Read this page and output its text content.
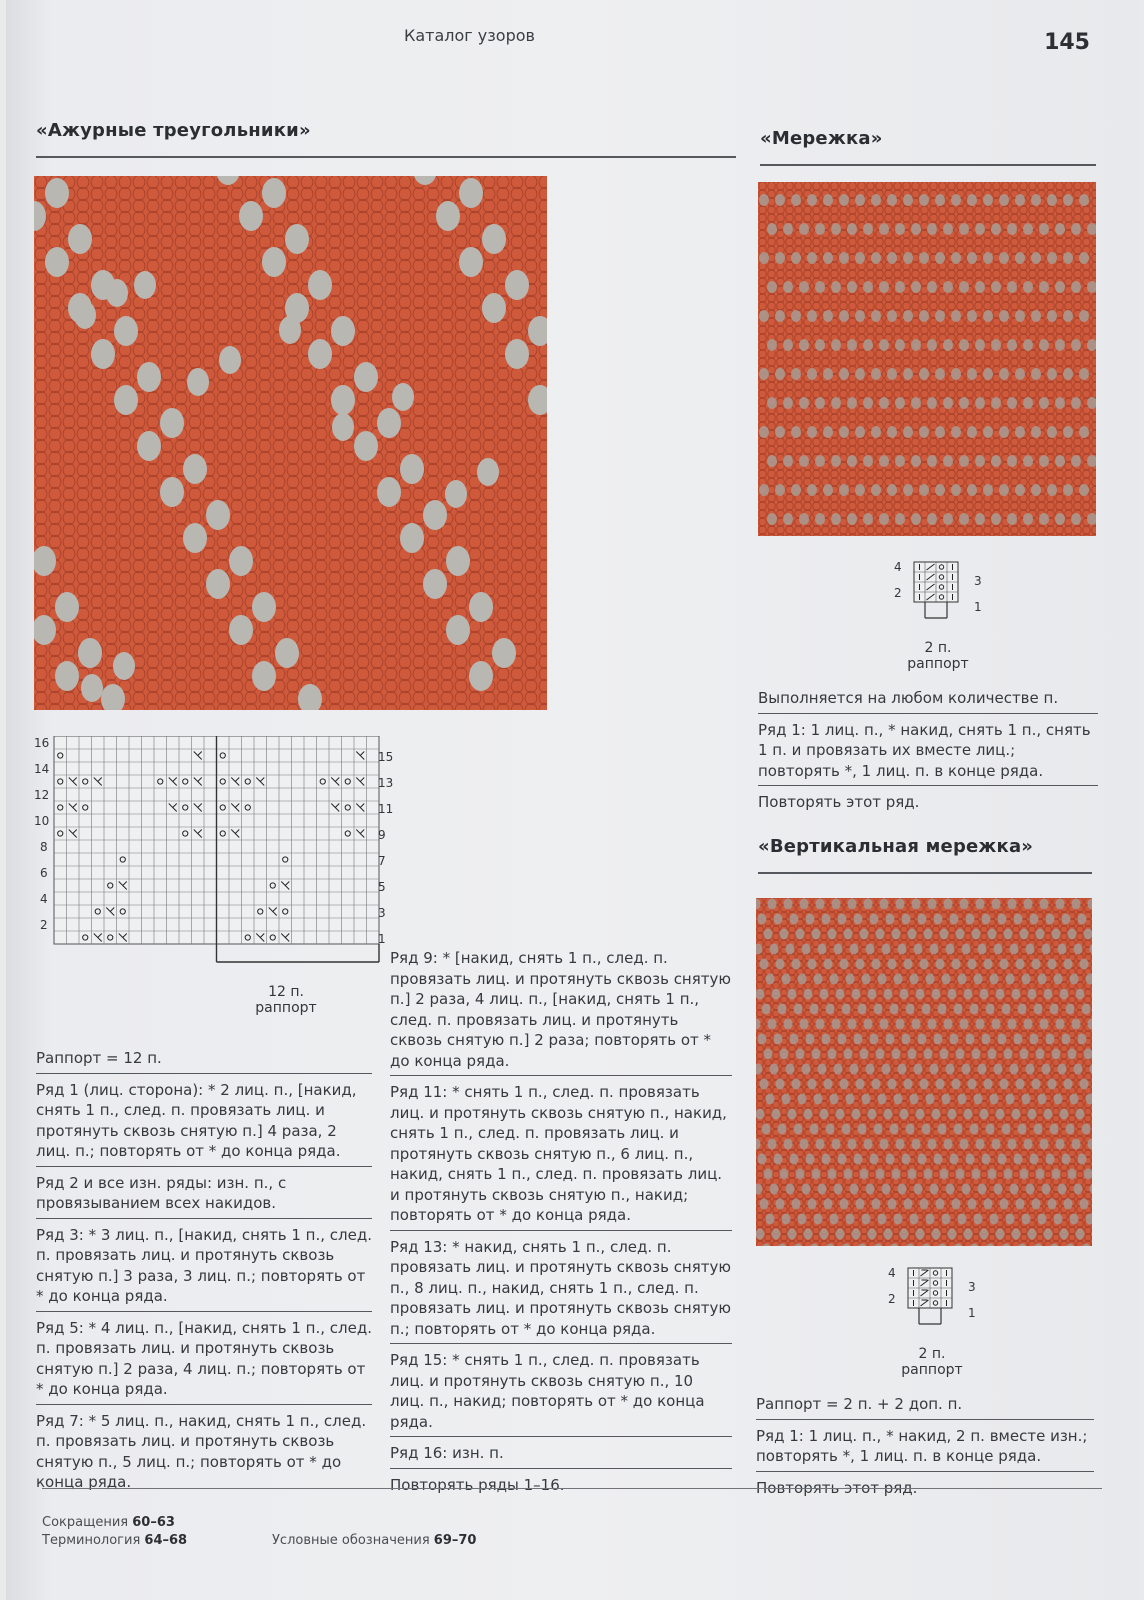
Каталог узоров	145
«Ажурные треугольники»
12 п.
раппорт
Раппорт = 12 п.
Ряд 1 (лиц. сторона): * 2 лиц. п., [накид, снять 1 п., след. п. провязать лиц. и протянуть сквозь снятую п.] 4 раза, 2 лиц. п.; повторять от * до конца ряда.
Ряд 2 и все изн. ряды: изн. п., с провязыванием всех накидов.
Ряд 3: * 3 лиц. п., [накид, снять 1 п., след. п. провязать лиц. и протянуть сквозь снятую п.] 3 раза, 3 лиц. п.; повторять от * до конца ряда.
Ряд 5: * 4 лиц. п., [накид, снять 1 п., след. п. провязать лиц. и протянуть сквозь снятую п.] 2 раза, 4 лиц. п.; повторять от * до конца ряда.
Ряд 7: * 5 лиц. п., накид, снять 1 п., след. п. провязать лиц. и протянуть сквозь снятую п., 5 лиц. п.; повторять от * до конца ряда.
Ряд 9: * [накид, снять 1 п., след. п. провязать лиц. и протянуть сквозь снятую п.] 2 раза, 4 лиц. п., [накид, снять 1 п., след. п. провязать лиц. и протянуть сквозь снятую п.] 2 раза; повторять от * до конца ряда.
Ряд 11: * снять 1 п., след. п. провязать лиц. и протянуть сквозь снятую п., накид, снять 1 п., след. п. провязать лиц. и протянуть сквозь снятую п., 6 лиц. п., накид, снять 1 п., след. п. провязать лиц. и протянуть сквозь снятую п., накид; повторять от * до конца ряда.
Ряд 13: * накид, снять 1 п., след. п. провязать лиц. и протянуть сквозь снятую п., 8 лиц. п., накид, снять 1 п., след. п. провязать лиц. и протянуть сквозь снятую п.; повторять от * до конца ряда.
Ряд 15: * снять 1 п., след. п. провязать лиц. и протянуть сквозь снятую п., 10 лиц. п., накид; повторять от * до конца ряда.
Ряд 16: изн. п.
Повторять ряды 1–16.
«Мережка»
4
2
3
1
2 п.
раппорт
Выполняется на любом количестве п.
Ряд 1: 1 лиц. п., * накид, снять 1 п., снять 1 п. и провязать их вместе лиц.; повторять *, 1 лиц. п. в конце ряда.
Повторять этот ряд.
«Вертикальная мережка»
4
2
3
1
2 п.
раппорт
Раппорт = 2 п. + 2 доп. п.
Ряд 1: 1 лиц. п., * накид, 2 п. вместе изн.; повторять *, 1 лиц. п. в конце ряда.
Повторять этот ряд.
Сокращения 60–63
Терминология 64–68	Условные обозначения 69–70
16
14
12
10
8
6
4
2
15
13
11
9
7
5
3
1
